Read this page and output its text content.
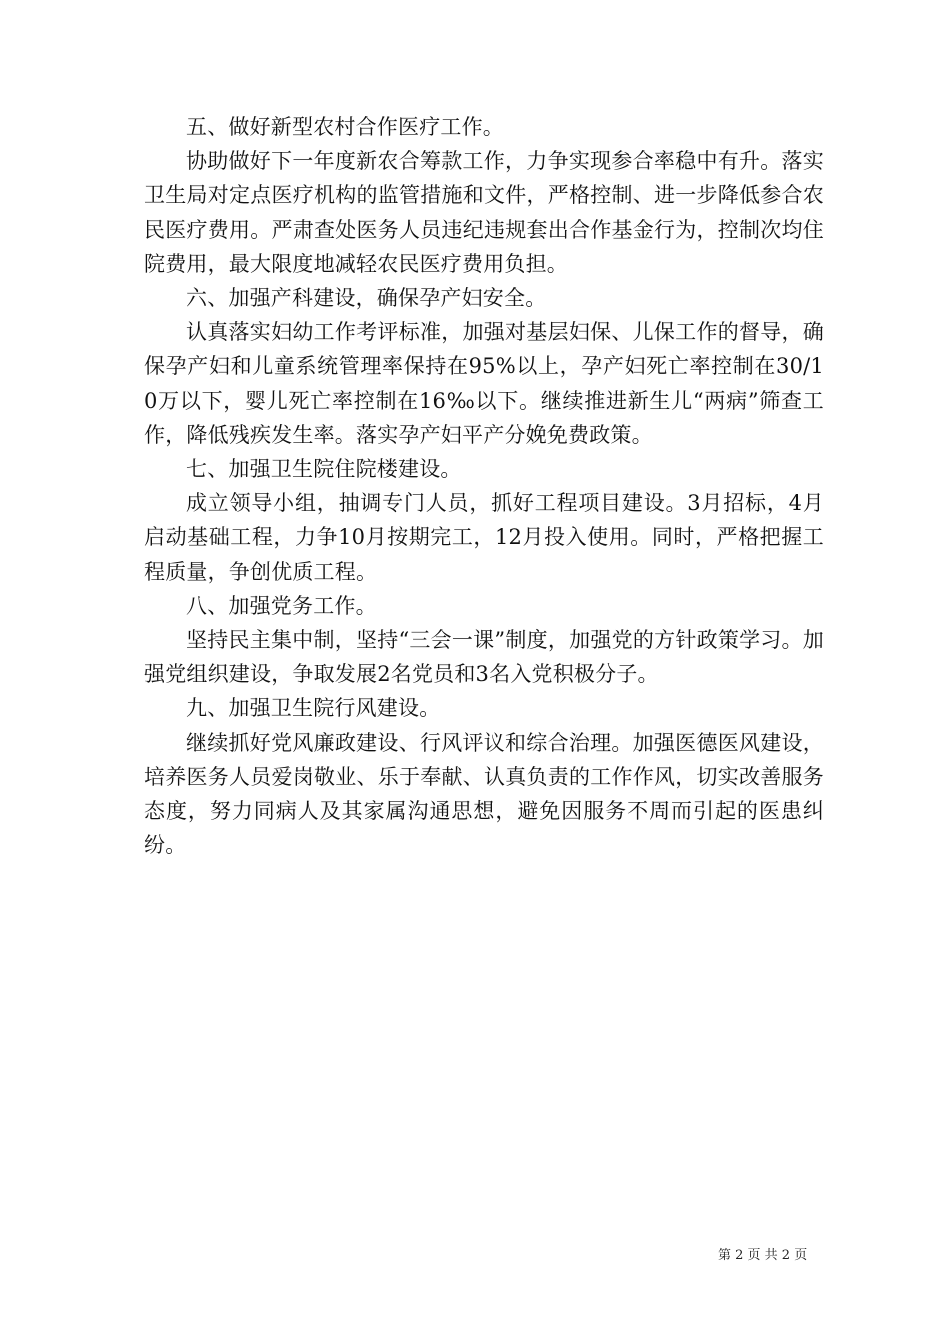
五、做好新型农村合作医疗工作。

协助做好下一年度新农合筹款工作，力争实现参合率稳中有升。落实卫生局对定点医疗机构的监管措施和文件，严格控制、进一步降低参合农民医疗费用。严肃查处医务人员违纪违规套出合作基金行为，控制次均住院费用，最大限度地减轻农民医疗费用负担。

六、加强产科建设，确保孕产妇安全。

认真落实妇幼工作考评标准，加强对基层妇保、儿保工作的督导，确保孕产妇和儿童系统管理率保持在95%以上，孕产妇死亡率控制在30/10万以下，婴儿死亡率控制在16‰以下。继续推进新生儿“两病”筛查工作，降低残疾发生率。落实孕产妇平产分娩免费政策。

七、加强卫生院住院楼建设。

成立领导小组，抽调专门人员，抓好工程项目建设。3月招标，4月启动基础工程，力争10月按期完工，12月投入使用。同时，严格把握工程质量，争创优质工程。

八、加强党务工作。

坚持民主集中制，坚持“三会一课”制度，加强党的方针政策学习。加强党组织建设，争取发展2名党员和3名入党积极分子。

九、加强卫生院行风建设。

继续抓好党风廉政建设、行风评议和综合治理。加强医德医风建设，培养医务人员爱岗敬业、乐于奉献、认真负责的工作作风，切实改善服务态度，努力同病人及其家属沟通思想，避免因服务不周而引起的医患纠纷。

第 2 页 共 2 页
